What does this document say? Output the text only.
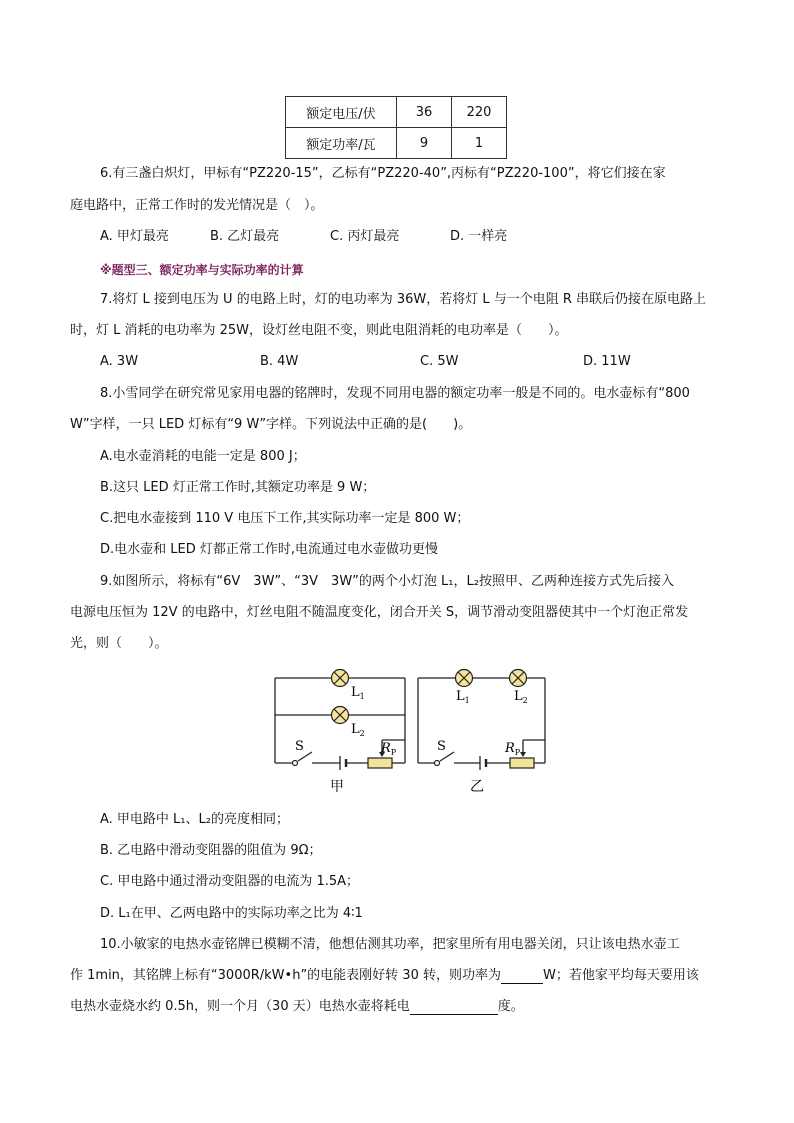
额定电压/伏	36	220
额定功率/瓦	9	1
6.有三盏白炽灯，甲标有“PZ220-15”，乙标有“PZ220-40”,丙标有“PZ220-100”，将它们接在家
庭电路中，正常工作时的发光情况是（　）。
A. 甲灯最亮	B. 乙灯最亮	C. 丙灯最亮	D. 一样亮
※题型三、额定功率与实际功率的计算
7.将灯 L 接到电压为 U 的电路上时，灯的电功率为 36W，若将灯 L 与一个电阻 R 串联后仍接在原电路上
时，灯 L 消耗的电功率为 25W，设灯丝电阻不变，则此电阻消耗的电功率是（　　）。
A. 3W	B. 4W	C. 5W	D. 11W
8.小雪同学在研究常见家用电器的铭牌时，发现不同用电器的额定功率一般是不同的。电水壶标有“800
W”字样，一只 LED 灯标有“9 W”字样。下列说法中正确的是(　　)。
A.电水壶消耗的电能一定是 800 J；
B.这只 LED 灯正常工作时,其额定功率是 9 W；
C.把电水壶接到 110 V 电压下工作,其实际功率一定是 800 W；
D.电水壶和 LED 灯都正常工作时,电流通过电水壶做功更慢
9.如图所示，将标有“6V　3W”、“3V　3W”的两个小灯泡 L₁，L₂按照甲、乙两种连接方式先后接入
电源电压恒为 12V 的电路中，灯丝电阻不随温度变化，闭合开关 S，调节滑动变阻器使其中一个灯泡正常发
光，则（　　）。
$L_1$
$L_2$
S	$R_P$
甲
$L_1$	$L_2$
S	$R_P$
乙
A. 甲电路中 L₁、L₂的亮度相同；
B. 乙电路中滑动变阻器的阻值为 9Ω；
C. 甲电路中通过滑动变阻器的电流为 1.5A；
D. L₁在甲、乙两电路中的实际功率之比为 4∶1
10.小敏家的电热水壶铭牌已模糊不清，他想估测其功率，把家里所有用电器关闭，只让该电热水壶工
作 1min，其铭牌上标有“3000R/kW•h”的电能表刚好转 30 转，则功率为	W；若他家平均每天要用该
电热水壶烧水约 0.5h，则一个月（30 天）电热水壶将耗电	度。
